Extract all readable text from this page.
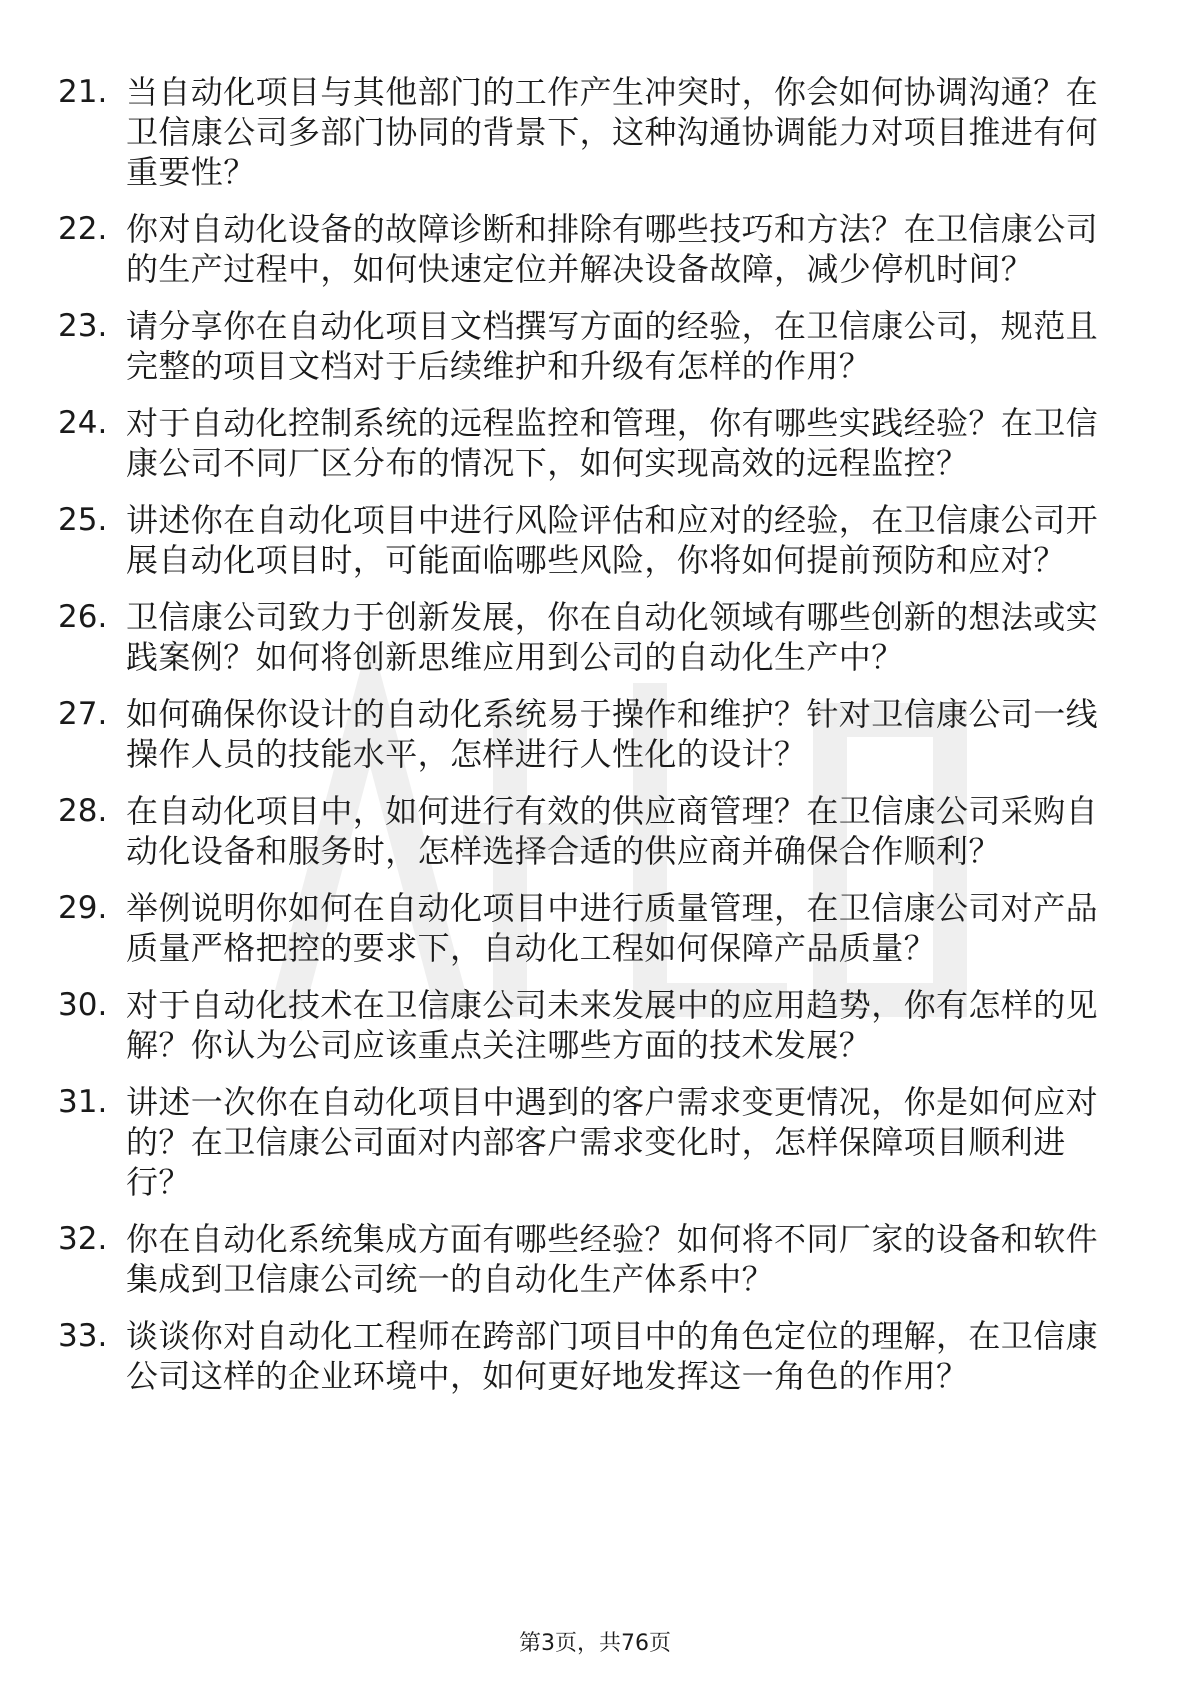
21. 当自动化项目与其他部门的工作产生冲突时，你会如何协调沟通？在卫信康公司多部门协同的背景下，这种沟通协调能力对项目推进有何重要性？
22. 你对自动化设备的故障诊断和排除有哪些技巧和方法？在卫信康公司的生产过程中，如何快速定位并解决设备故障，减少停机时间？
23. 请分享你在自动化项目文档撰写方面的经验，在卫信康公司，规范且完整的项目文档对于后续维护和升级有怎样的作用？
24. 对于自动化控制系统的远程监控和管理，你有哪些实践经验？在卫信康公司不同厂区分布的情况下，如何实现高效的远程监控？
25. 讲述你在自动化项目中进行风险评估和应对的经验，在卫信康公司开展自动化项目时，可能面临哪些风险，你将如何提前预防和应对？
26. 卫信康公司致力于创新发展，你在自动化领域有哪些创新的想法或实践案例？如何将创新思维应用到公司的自动化生产中？
27. 如何确保你设计的自动化系统易于操作和维护？针对卫信康公司一线操作人员的技能水平，怎样进行人性化的设计？
28. 在自动化项目中，如何进行有效的供应商管理？在卫信康公司采购自动化设备和服务时，怎样选择合适的供应商并确保合作顺利？
29. 举例说明你如何在自动化项目中进行质量管理，在卫信康公司对产品质量严格把控的要求下，自动化工程如何保障产品质量？
30. 对于自动化技术在卫信康公司未来发展中的应用趋势，你有怎样的见解？你认为公司应该重点关注哪些方面的技术发展？
31. 讲述一次你在自动化项目中遇到的客户需求变更情况，你是如何应对的？在卫信康公司面对内部客户需求变化时，怎样保障项目顺利进行？
32. 你在自动化系统集成方面有哪些经验？如何将不同厂家的设备和软件集成到卫信康公司统一的自动化生产体系中？
33. 谈谈你对自动化工程师在跨部门项目中的角色定位的理解，在卫信康公司这样的企业环境中，如何更好地发挥这一角色的作用？
第3页，共76页
